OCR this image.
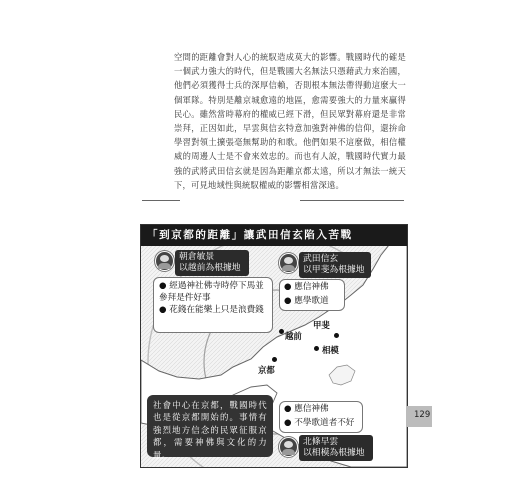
空間的距離會對人心的統馭造成莫大的影響。戰國時代的確是一個武力強大的時代，但是戰國大名無法只憑藉武力來治國，他們必須獲得士兵的深厚信賴，否則根本無法帶得動這麼大一個軍隊。特別是離京城愈遠的地區，愈需要強大的力量來贏得民心。雖然當時幕府的權威已經下滑，但民眾對幕府還是非常崇拜，正因如此，早雲與信玄特意加強對神佛的信仰，還拚命學習對領土擴張毫無幫助的和歌。他們如果不這麼做，相信權威的周邊人士是不會來效忠的。而也有人說，戰國時代實力最強的武將武田信玄就是因為距離京都太遠，所以才無法一統天下，可見地域性與統馭權威的影響相當深遠。

「到京都的距離」讓武田信玄陷入苦戰
朝倉敏景
以越前為根據地
● 經過神社佛寺時停下馬並參拜是件好事
● 花錢在能樂上只是浪費錢
武田信玄
以甲斐為根據地
● 應信神佛
● 應學歌道
越前
甲斐
相模
京都
社會中心在京都，戰國時代也是從京都開始的。事情有強烈地方信念的民眾征服京都，需要神佛與文化的力量。
● 應信神佛
● 不學歌道者不好
北條早雲
以相模為根據地
129
